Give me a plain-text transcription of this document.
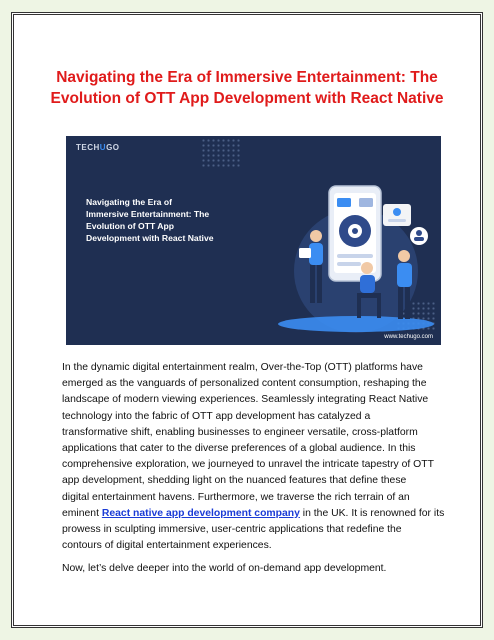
Navigating the Era of Immersive Entertainment: The
Evolution of OTT App Development with React Native
TECHUGO
Navigating the Era of
Immersive Entertainment: The
Evolution of OTT App
Development with React Native
www.techugo.com

In the dynamic digital entertainment realm, Over-the-Top (OTT) platforms have
emerged as the vanguards of personalized content consumption, reshaping the
landscape of modern viewing experiences. Seamlessly integrating React Native
technology into the fabric of OTT app development has catalyzed a
transformative shift, enabling businesses to engineer versatile, cross-platform
applications that cater to the diverse preferences of a global audience. In this
comprehensive exploration, we journeyed to unravel the intricate tapestry of OTT
app development, shedding light on the nuanced features that define these
digital entertainment havens. Furthermore, we traverse the rich terrain of an
eminent React native app development company in the UK. It is renowned for its
prowess in sculpting immersive, user-centric applications that redefine the
contours of digital entertainment experiences.

Now, let’s delve deeper into the world of on-demand app development.
